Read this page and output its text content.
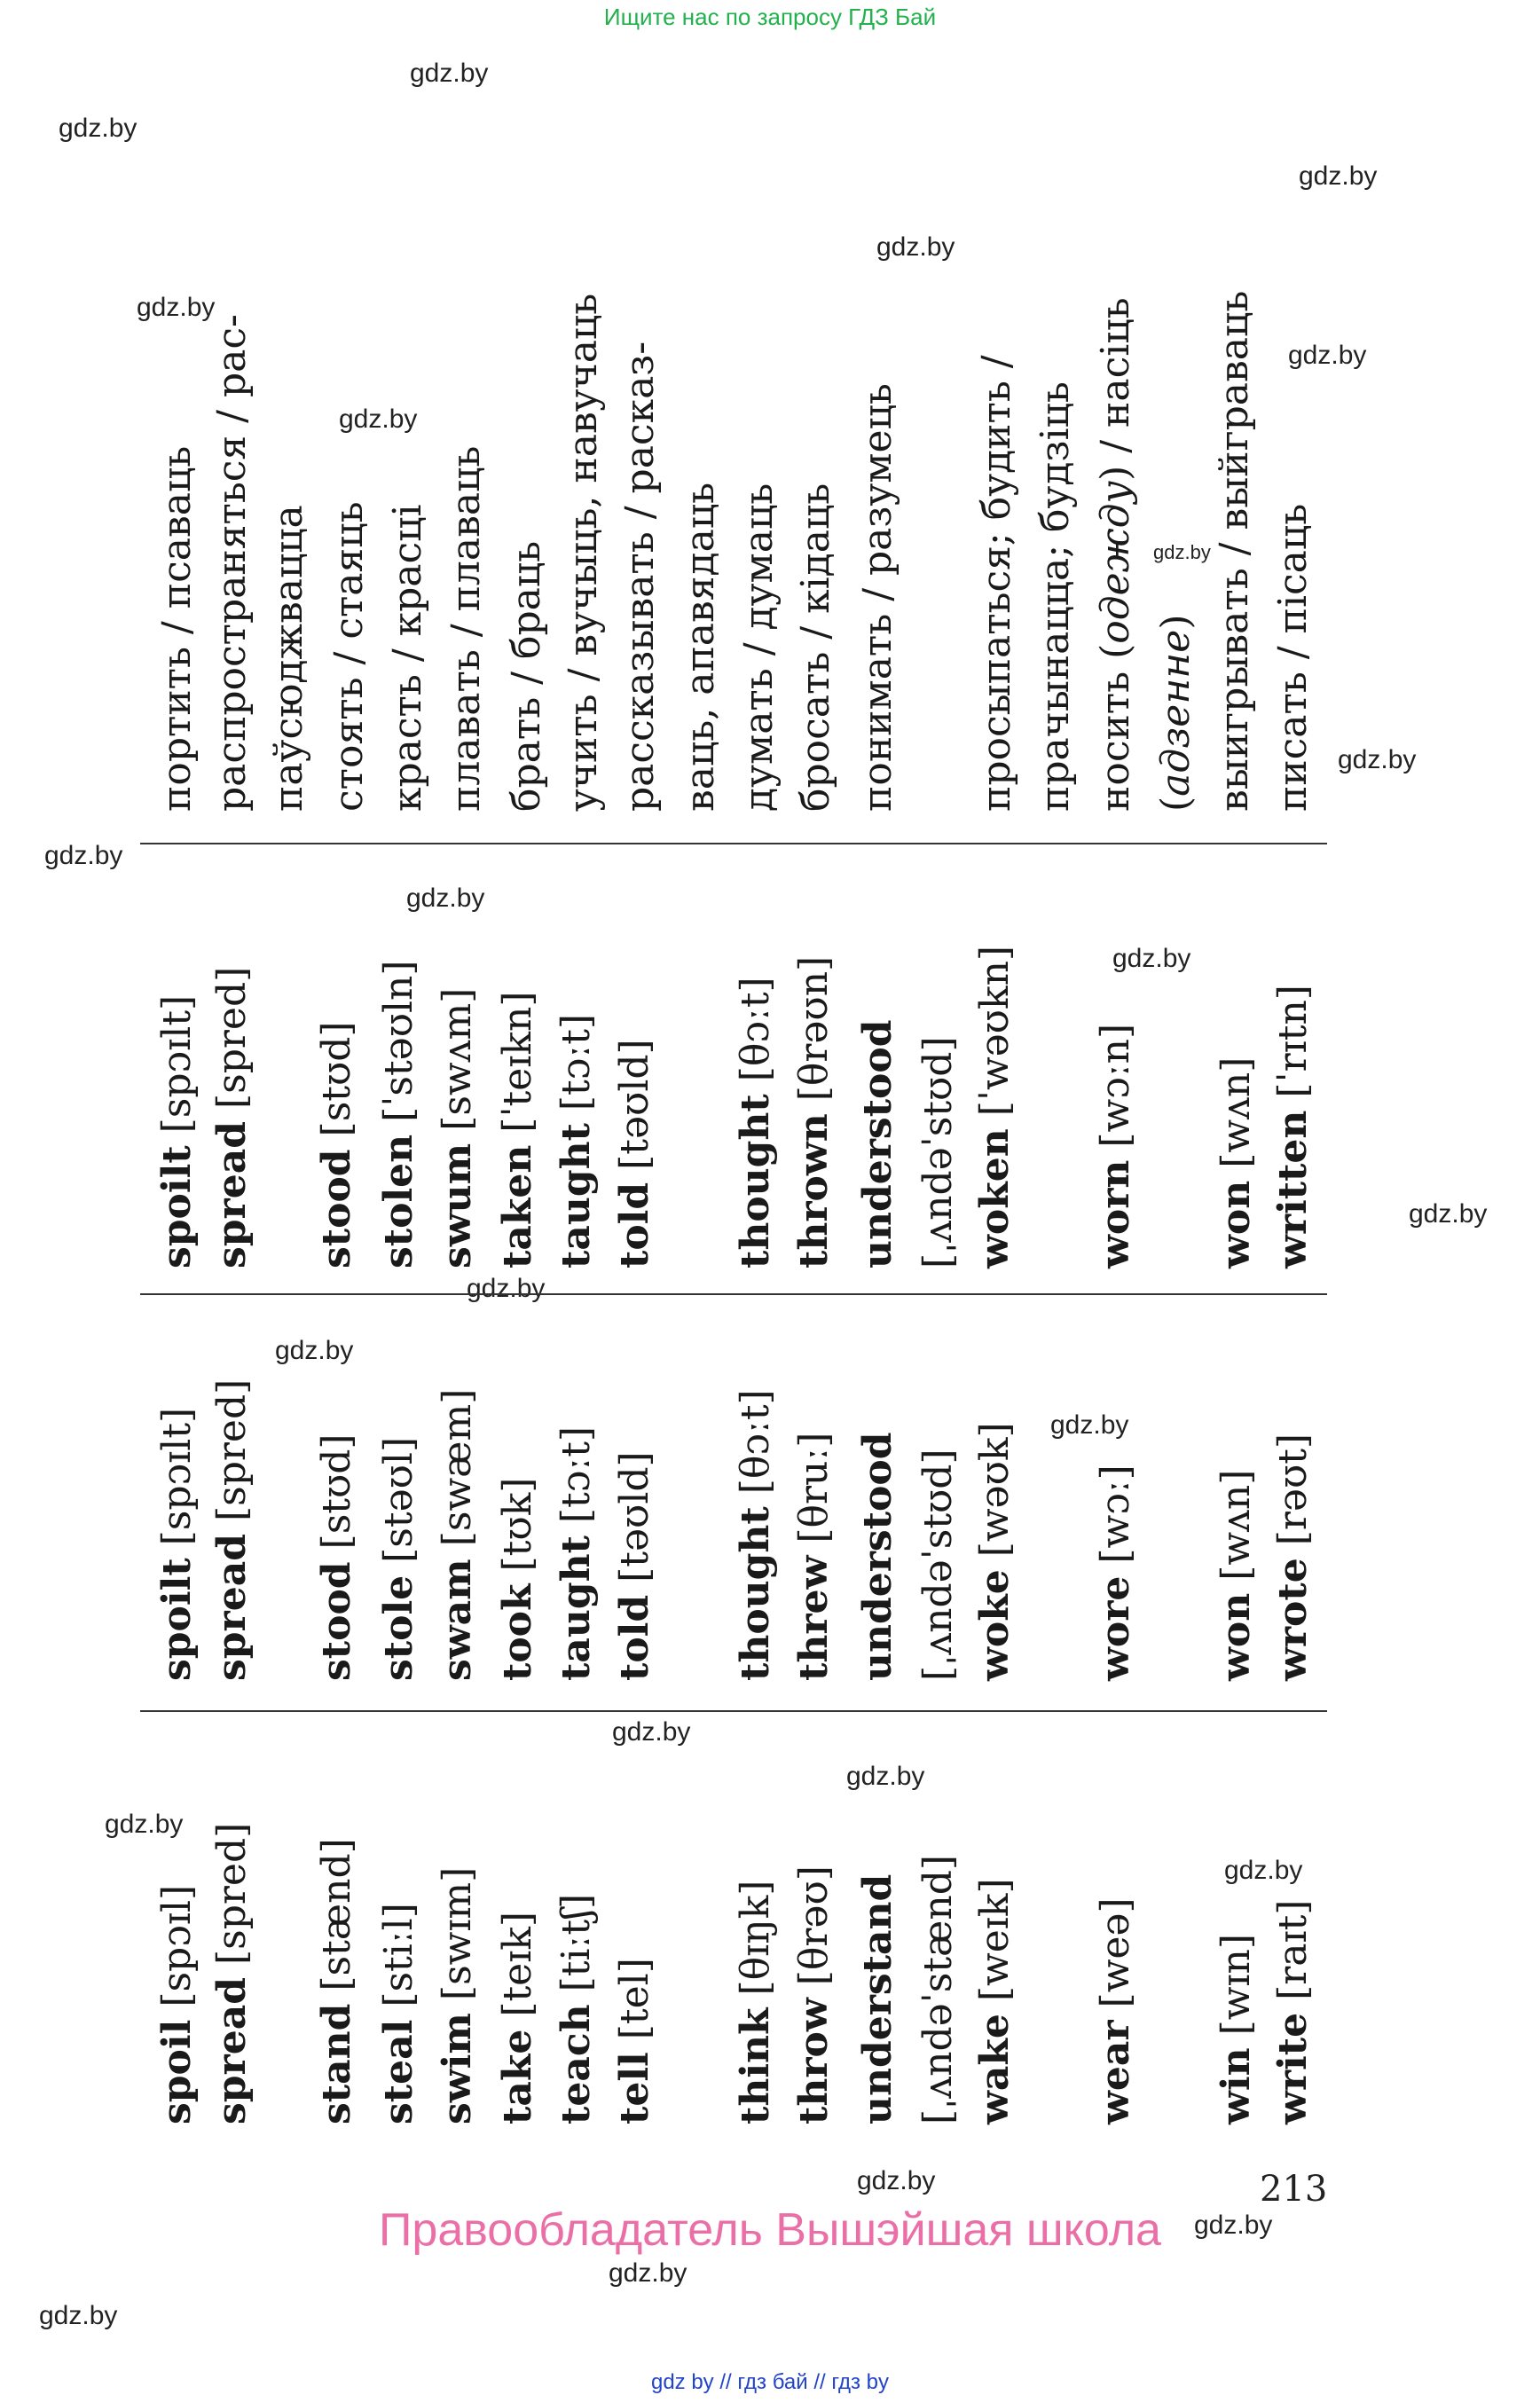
Ищите нас по запросу ГДЗ Бай
gdz.by
gdz.by
gdz.by
gdz.by
gdz.by
gdz.by
gdz.by
gdz.by
gdz.by
gdz.by
gdz.by
gdz.by
gdz.by
gdz.by
gdz.by
gdz.by
gdz.by
gdz.by
gdz.by
gdz.by
gdz.by
gdz.by
gdz.by
gdz.by
spoil [spɔɪl]
spread [spred]
stand [stænd]
steal [stiːl]
swim [swɪm]
take [teɪk]
teach [tiːtʃ]
tell [tel]
think [θɪŋk]
throw [θrəʊ] understand [ˌʌndəˈstænd] wake [weɪk]
wear [weə]
win [wɪn]
write [raɪt]
spoilt [spɔɪlt]
spread [spred]
stood [stʊd]
stole [stəʊl]
swam [swæm]
took [tʊk]
taught [tɔːt]
told [təʊld] thought [θɔːt]
threw [θruː] understood [ˌʌndəˈstʊd] woke [wəʊk]
wore [wɔː]
won [wʌn]
wrote [rəʊt]
spoilt [spɔɪlt]
spread [spred]
stood [stʊd]
stolen [ˈstəʊln]
swum [swʌm]
taken [ˈteɪkn]
taught [tɔːt]
told [təʊld] thought [θɔːt]
thrown [θrəʊn] understood [ˌʌndəˈstʊd] woken [ˈwəʊkn]
worn [wɔːn]
won [wʌn] written [ˈrɪtn]
портить / псаваць распространяться / рас- паўсюджвацца стоять / стаяць красть / красці плавать / плаваць брать / браць учить / вучыць, навучаць рассказывать / расказ- ваць, апавядаць думать / думаць бросать / кідаць понимать / разумець просыпаться; будить / прачынацца; будзіць носить (одежду) / насіць
(адзенне) выигрывать / выйграваць писать / пісаць
213
Правообладатель Вышэйшая школа
gdz by // гдз бай // гдз by
